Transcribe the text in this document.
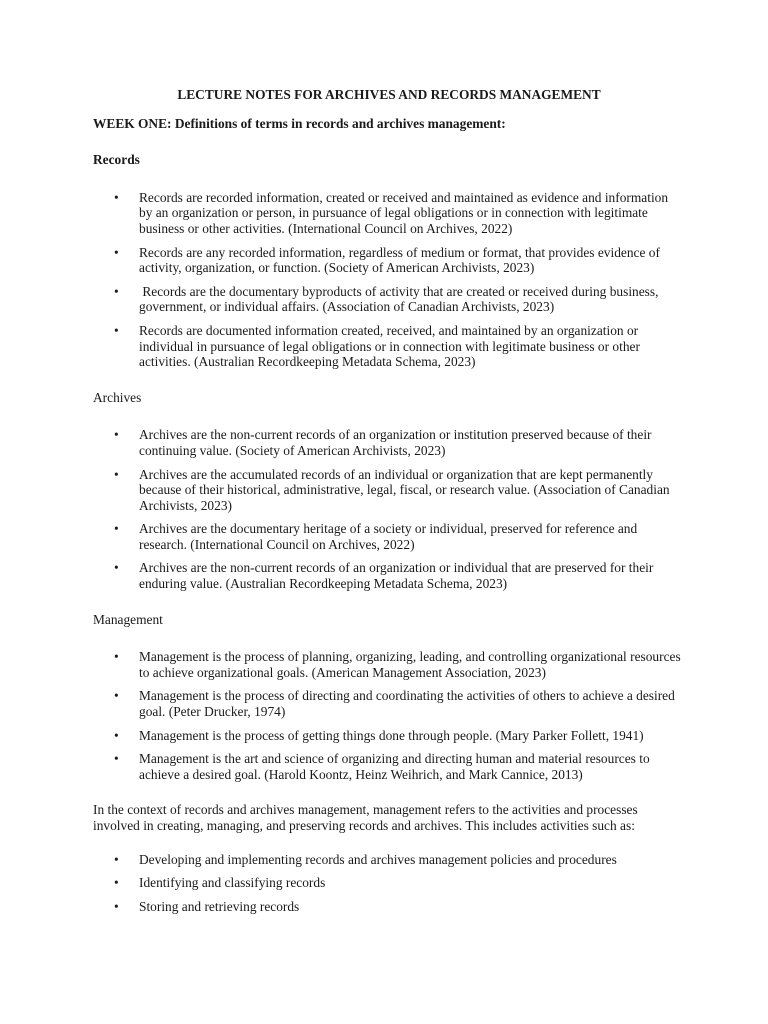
LECTURE NOTES FOR ARCHIVES AND RECORDS MANAGEMENT
WEEK ONE: Definitions of terms in records and archives management:
Records
• Records are recorded information, created or received and maintained as evidence and information by an organization or person, in pursuance of legal obligations or in connection with legitimate business or other activities. (International Council on Archives, 2022)
• Records are any recorded information, regardless of medium or format, that provides evidence of activity, organization, or function. (Society of American Archivists, 2023)
•  Records are the documentary byproducts of activity that are created or received during business, government, or individual affairs. (Association of Canadian Archivists, 2023)
• Records are documented information created, received, and maintained by an organization or individual in pursuance of legal obligations or in connection with legitimate business or other activities. (Australian Recordkeeping Metadata Schema, 2023)
Archives
• Archives are the non-current records of an organization or institution preserved because of their continuing value. (Society of American Archivists, 2023)
• Archives are the accumulated records of an individual or organization that are kept permanently because of their historical, administrative, legal, fiscal, or research value. (Association of Canadian Archivists, 2023)
• Archives are the documentary heritage of a society or individual, preserved for reference and research. (International Council on Archives, 2022)
• Archives are the non-current records of an organization or individual that are preserved for their enduring value. (Australian Recordkeeping Metadata Schema, 2023)
Management
• Management is the process of planning, organizing, leading, and controlling organizational resources to achieve organizational goals. (American Management Association, 2023)
• Management is the process of directing and coordinating the activities of others to achieve a desired goal. (Peter Drucker, 1974)
• Management is the process of getting things done through people. (Mary Parker Follett, 1941)
• Management is the art and science of organizing and directing human and material resources to achieve a desired goal. (Harold Koontz, Heinz Weihrich, and Mark Cannice, 2013)
In the context of records and archives management, management refers to the activities and processes involved in creating, managing, and preserving records and archives. This includes activities such as:
• Developing and implementing records and archives management policies and procedures
• Identifying and classifying records
• Storing and retrieving records
